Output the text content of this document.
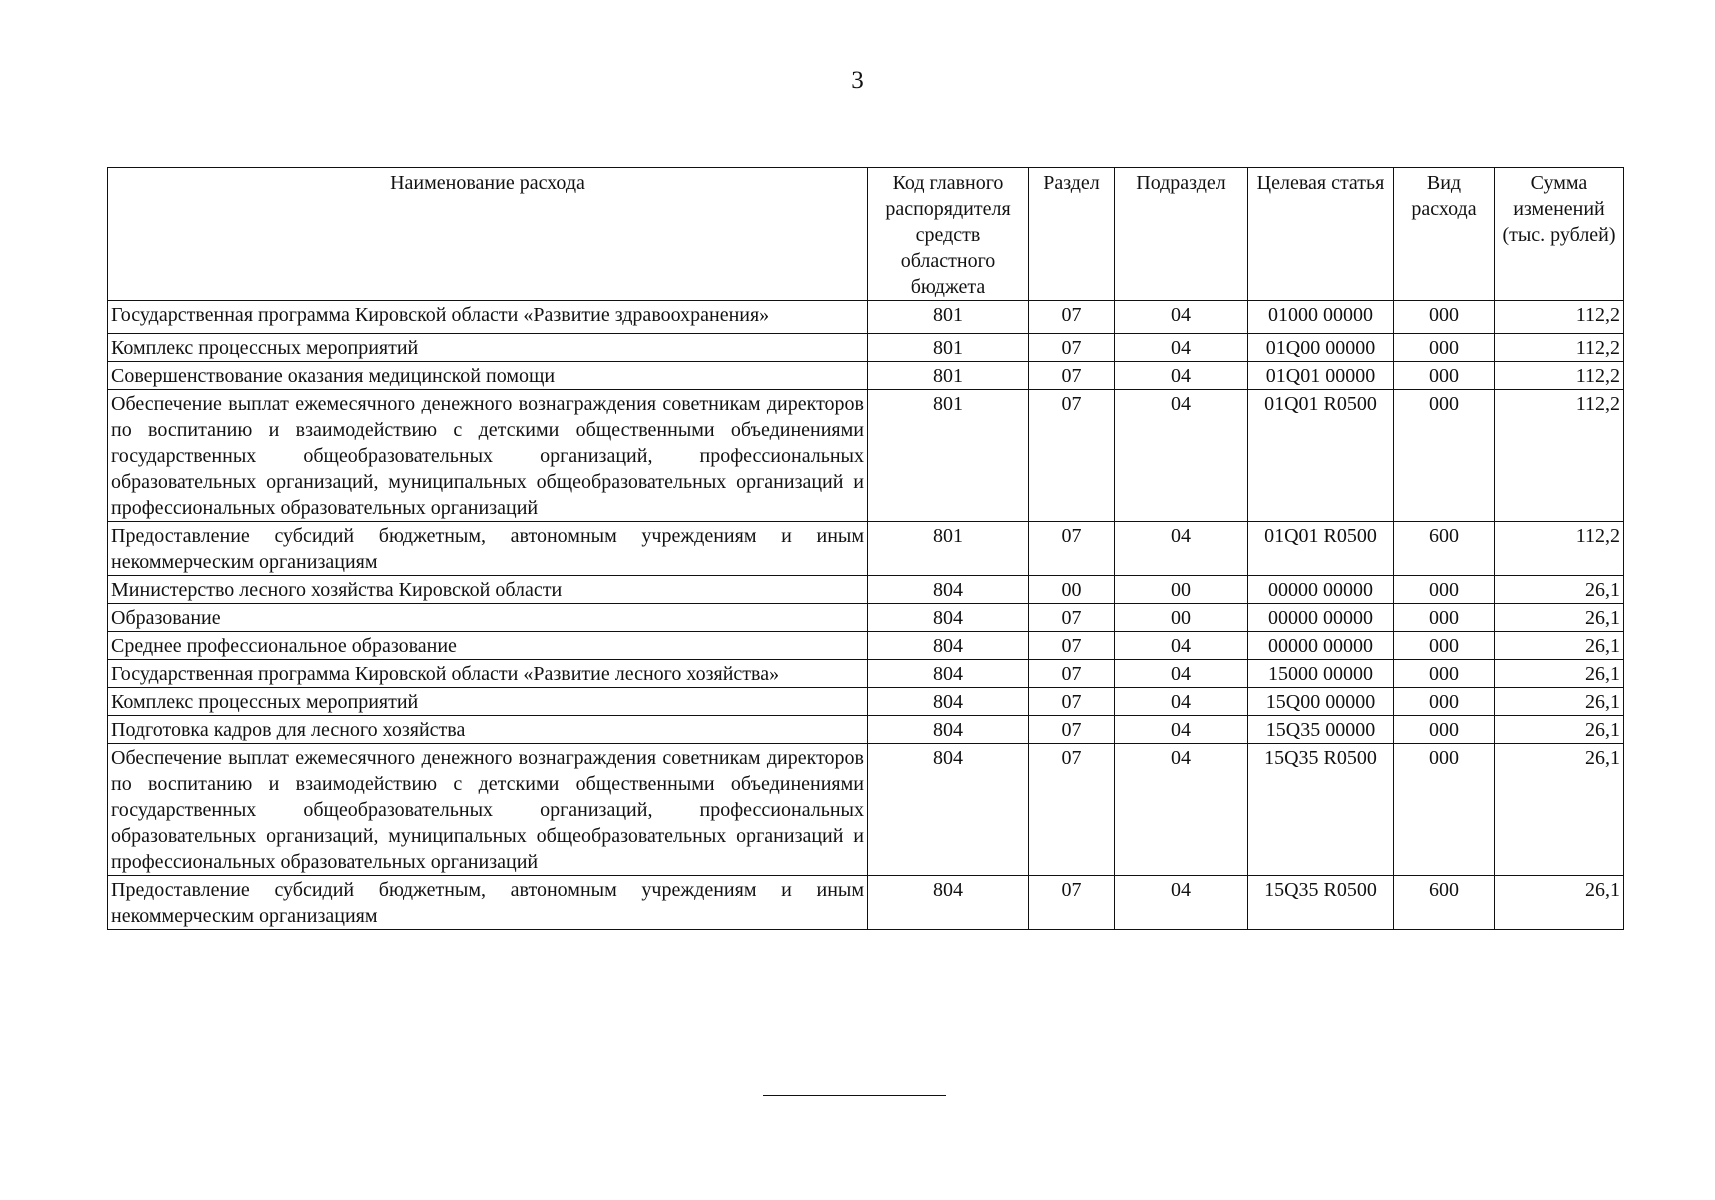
3
Наименование расхода	Код главного распорядителя средств областного бюджета	Раздел	Подраздел	Целевая статья	Вид расхода	Сумма изменений (тыс. рублей)
Государственная программа Кировской области «Развитие здравоохранения»	801	07	04	01000 00000	000	112,2
Комплекс процессных мероприятий	801	07	04	01Q00 00000	000	112,2
Совершенствование оказания медицинской помощи	801	07	04	01Q01 00000	000	112,2
Обеспечение выплат ежемесячного денежного вознаграждения советникам директоров по воспитанию и взаимодействию с детскими общественными объединениями государственных общеобразовательных организаций, профессиональных образовательных организаций, муниципальных общеобразовательных организаций и профессиональных образовательных организаций	801	07	04	01Q01 R0500	000	112,2
Предоставление субсидий бюджетным, автономным учреждениям и иным некоммерческим организациям	801	07	04	01Q01 R0500	600	112,2
Министерство лесного хозяйства Кировской области	804	00	00	00000 00000	000	26,1
Образование	804	07	00	00000 00000	000	26,1
Среднее профессиональное образование	804	07	04	00000 00000	000	26,1
Государственная программа Кировской области «Развитие лесного хозяйства»	804	07	04	15000 00000	000	26,1
Комплекс процессных мероприятий	804	07	04	15Q00 00000	000	26,1
Подготовка кадров для лесного хозяйства	804	07	04	15Q35 00000	000	26,1
Обеспечение выплат ежемесячного денежного вознаграждения советникам директоров по воспитанию и взаимодействию с детскими общественными объединениями государственных общеобразовательных организаций, профессиональных образовательных организаций, муниципальных общеобразовательных организаций и профессиональных образовательных организаций	804	07	04	15Q35 R0500	000	26,1
Предоставление субсидий бюджетным, автономным учреждениям и иным некоммерческим организациям	804	07	04	15Q35 R0500	600	26,1
